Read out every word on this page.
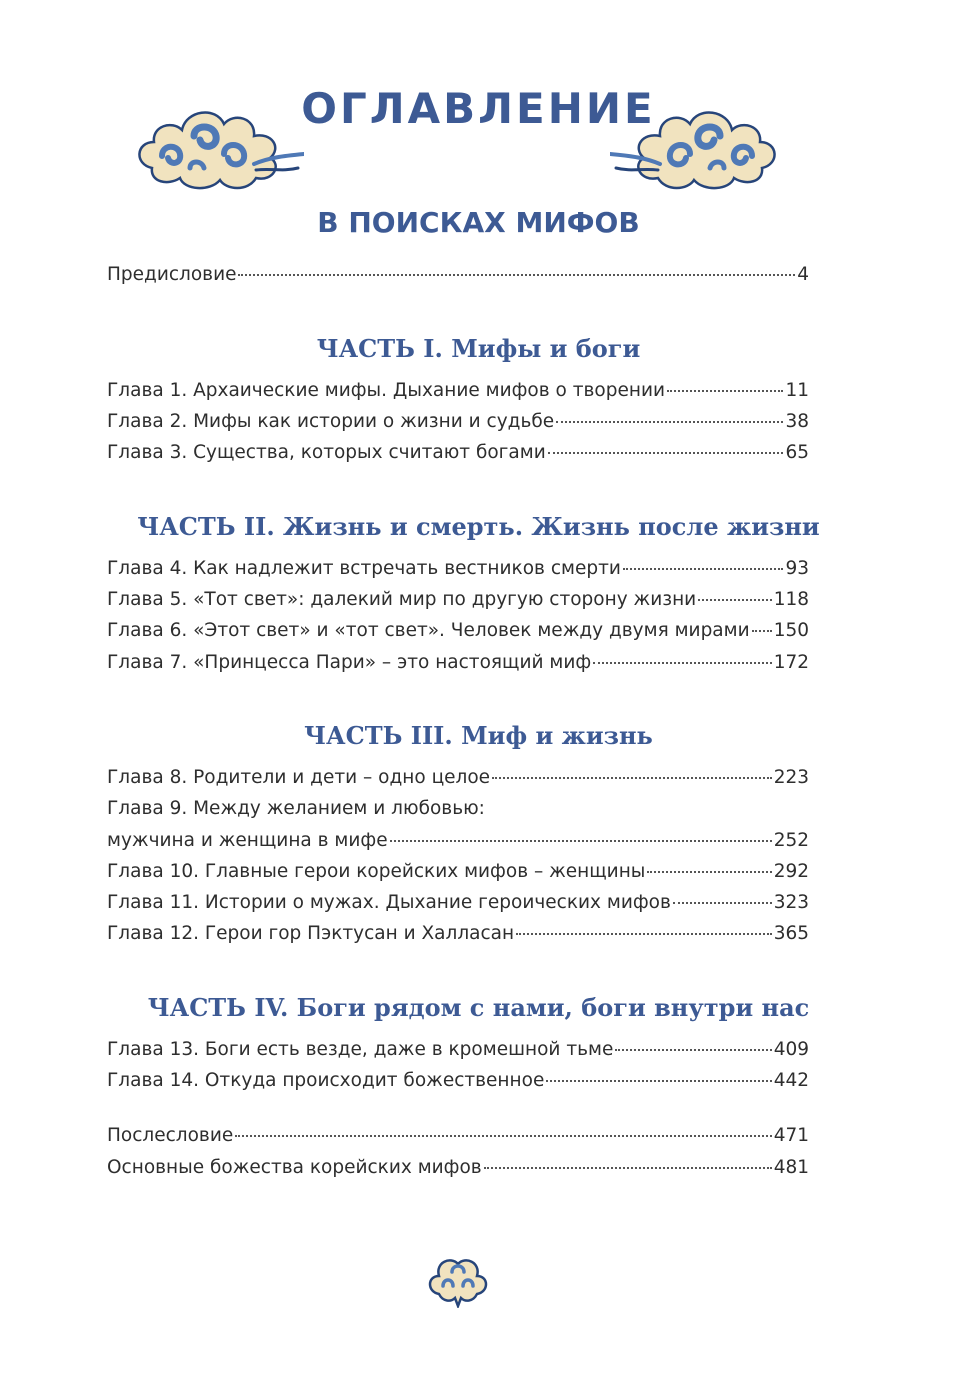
ОГЛАВЛЕНИЕ
В ПОИСКАХ МИФОВ
Предисловие	4
ЧАСТЬ I. Мифы и боги
Глава 1. Архаические мифы. Дыхание мифов о творении	11
Глава 2. Мифы как истории о жизни и судьбе	38
Глава 3. Существа, которых считают богами	65
ЧАСТЬ II. Жизнь и смерть. Жизнь после жизни
Глава 4. Как надлежит встречать вестников смерти	93
Глава 5. «Тот свет»: далекий мир по другую сторону жизни	118
Глава 6. «Этот свет» и «тот свет». Человек между двумя мирами 150
Глава 7. «Принцесса Пари» – это настоящий миф	172
ЧАСТЬ III. Миф и жизнь
Глава 8. Родители и дети – одно целое	223
Глава 9. Между желанием и любовью:
мужчина и женщина в мифе	252
Глава 10. Главные герои корейских мифов – женщины	292
Глава 11. Истории о мужах. Дыхание героических мифов	323
Глава 12. Герои гор Пэктусан и Халласан	365
ЧАСТЬ IV. Боги рядом с нами, боги внутри нас
Глава 13. Боги есть везде, даже в кромешной тьме	409
Глава 14. Откуда происходит божественное	442
Послесловие	471
Основные божества корейских мифов	481
